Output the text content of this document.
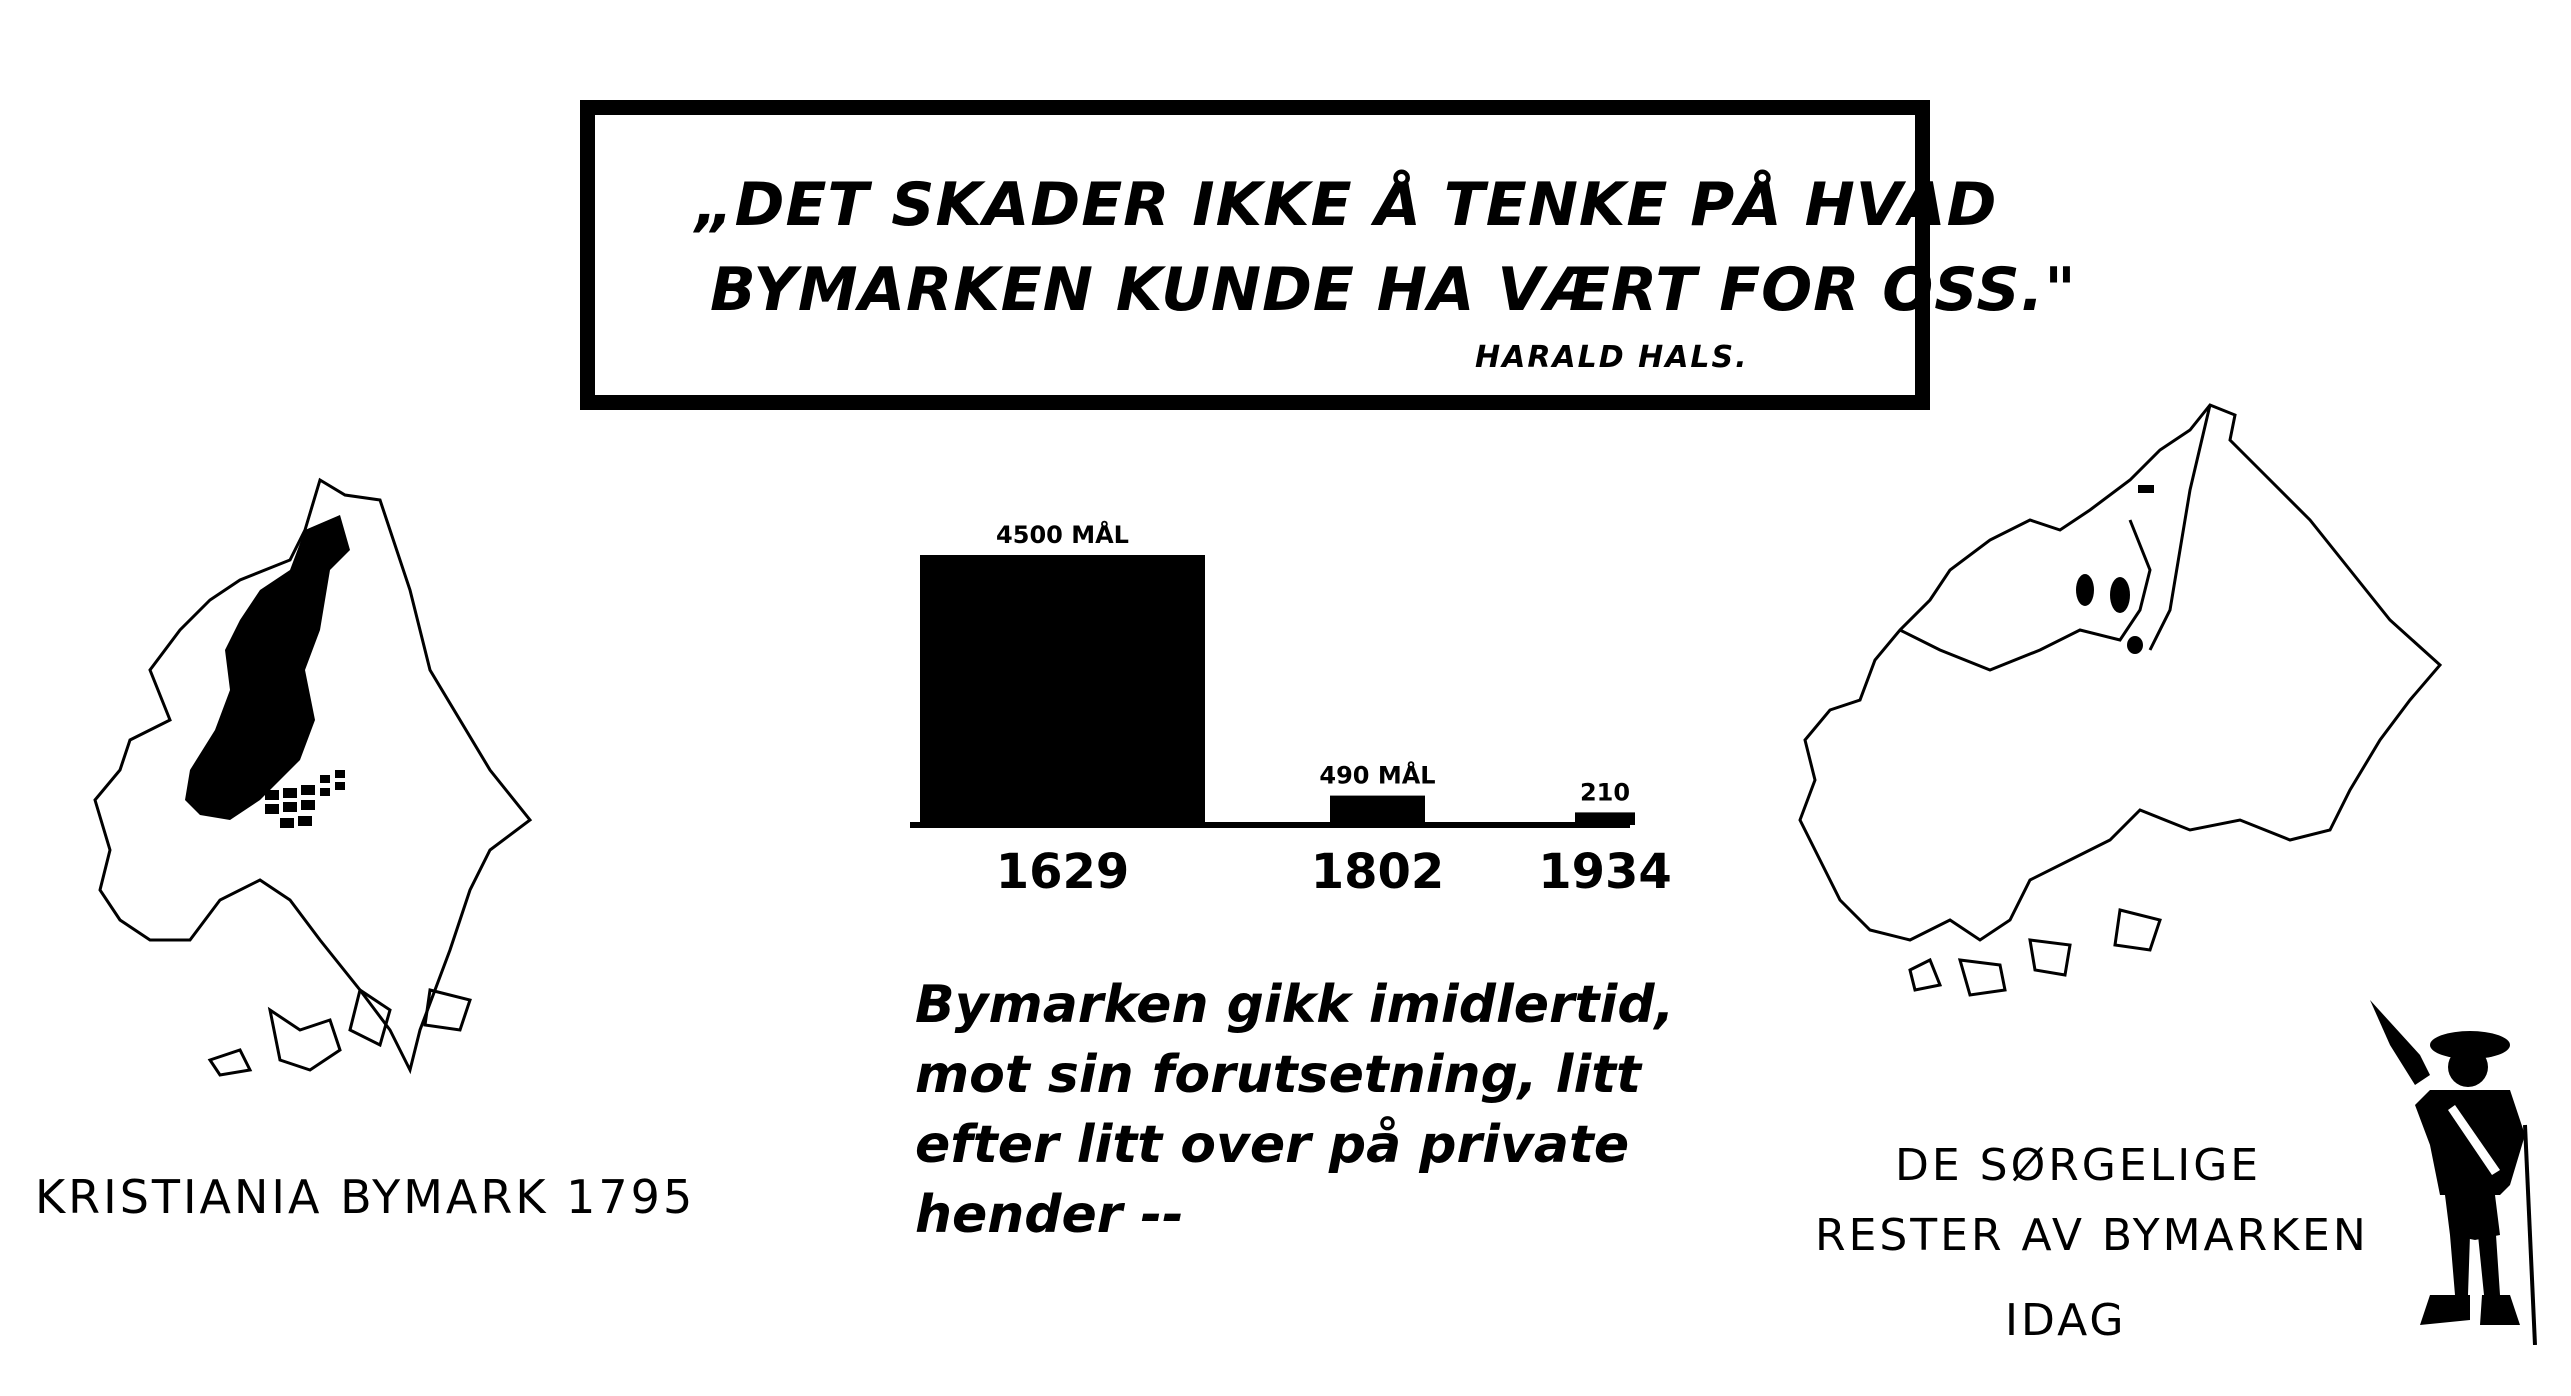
„DET SKADER IKKE Å TENKE PÅ HVAD
BYMARKEN KUNDE HA VÆRT FOR OSS."
HARALD HALS.
4500 MÅL
490 MÅL
210
1629	1802 1934
KRISTIANIA BYMARK 1795
DE SØRGELIGE
RESTER AV BYMARKEN
IDAG
Bymarken gikk imidlertid,
mot sin forutsetning, litt
efter litt over på private
hender --
